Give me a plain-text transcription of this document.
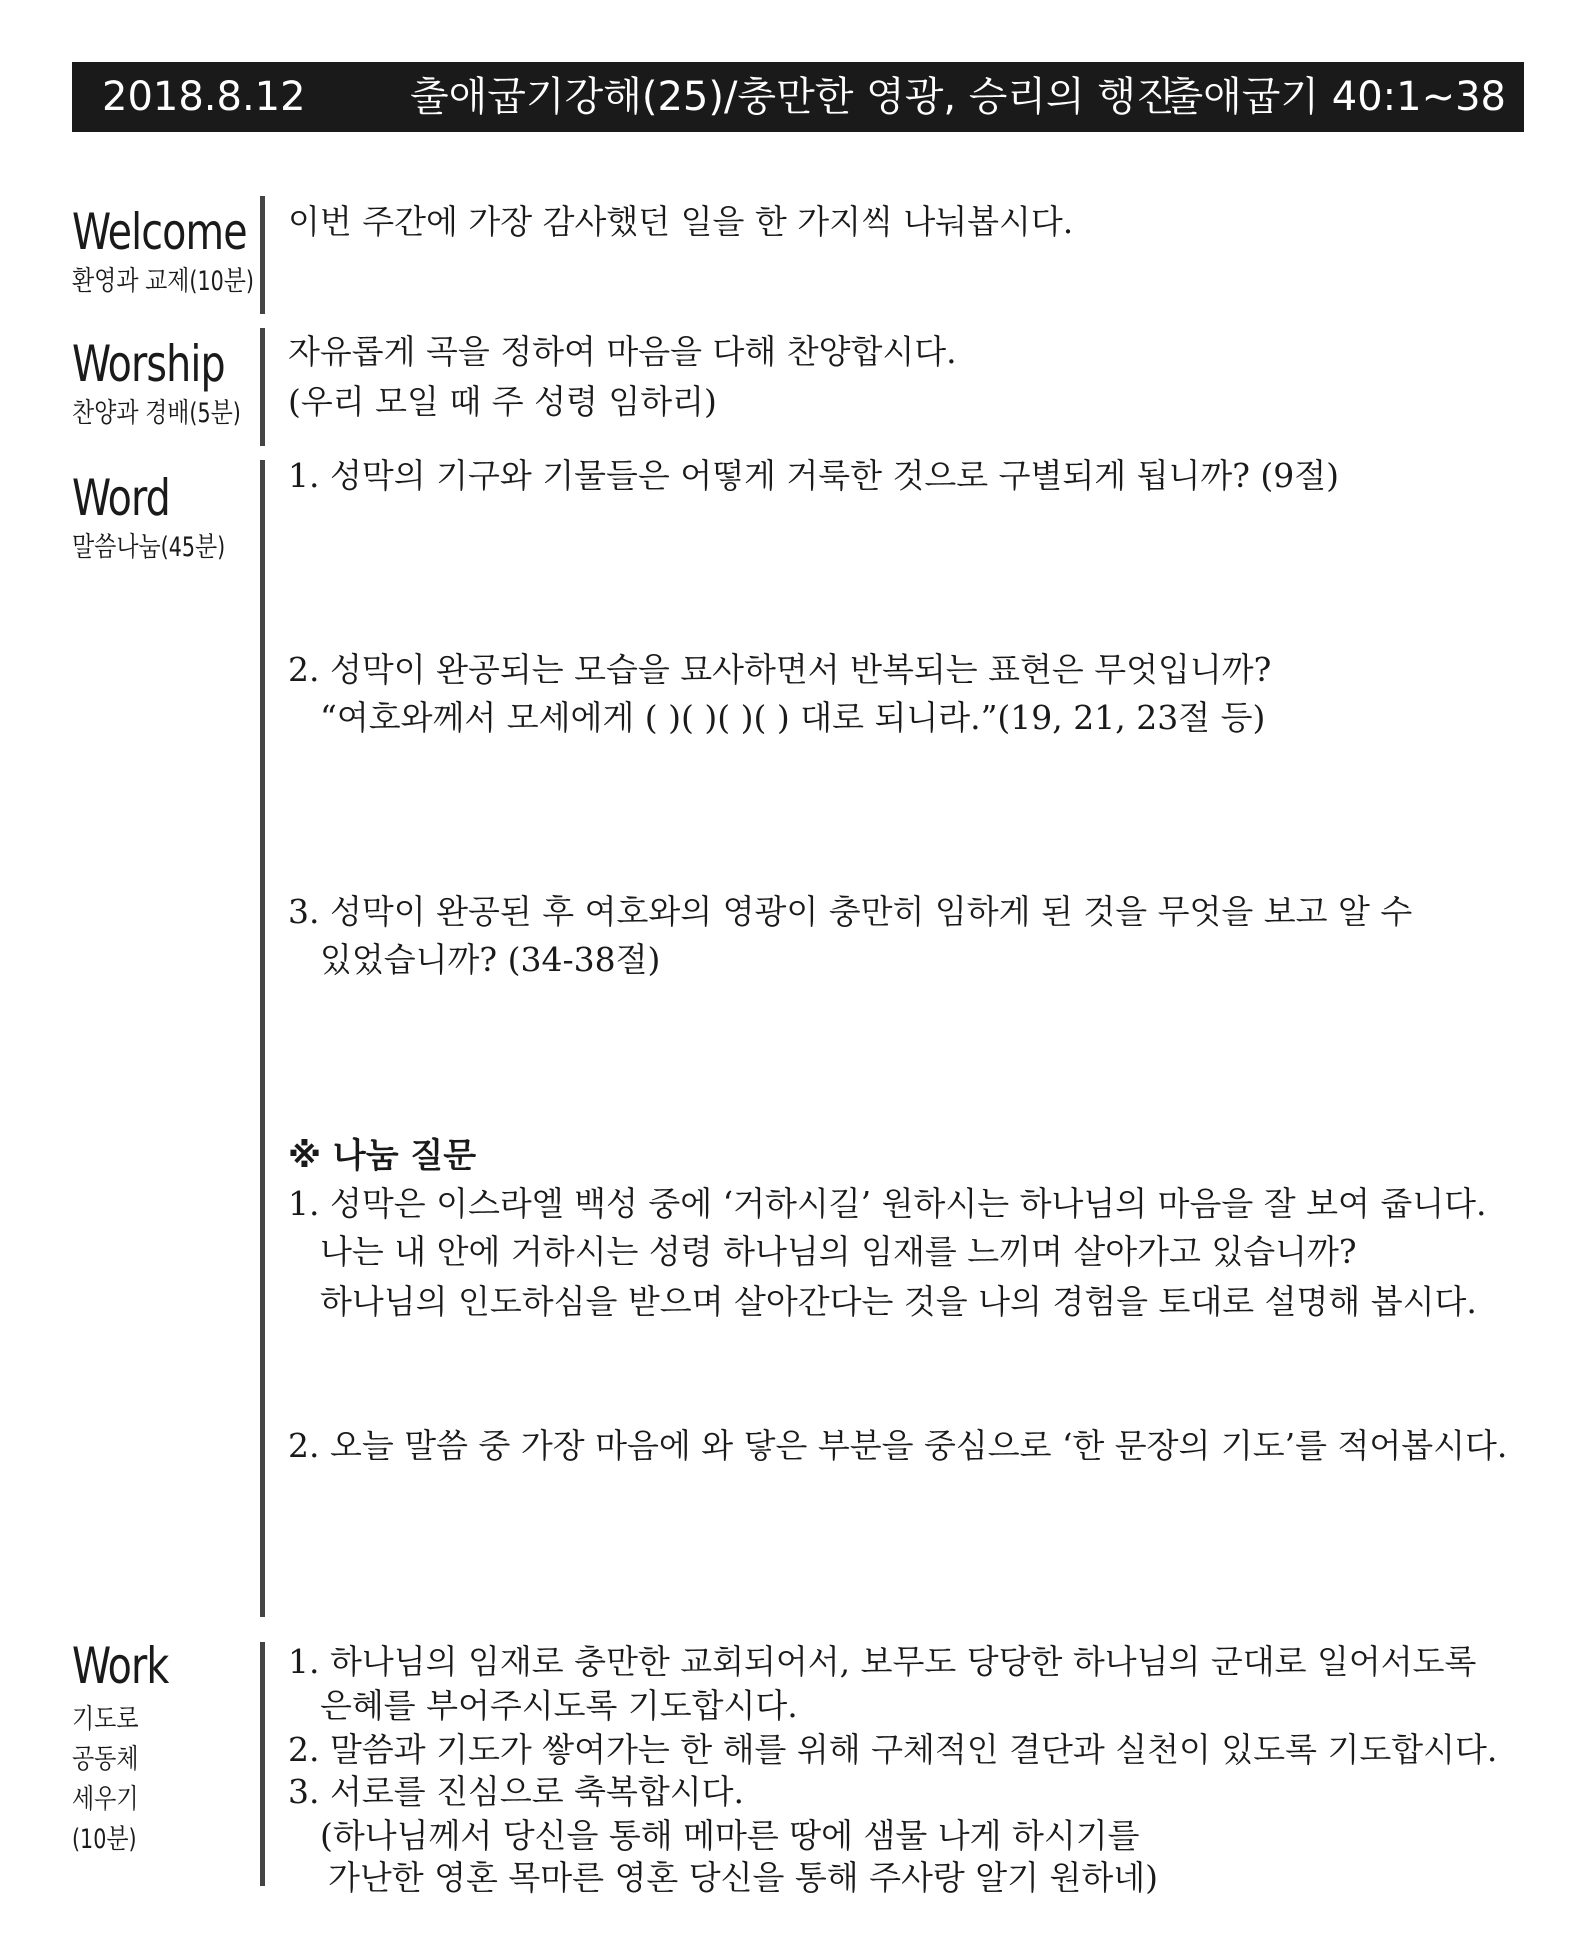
2018.8.12	출애굽기강해(25)/충만한 영광, 승리의 행진
출애굽기 40:1~38
Welcome
환영과 교제(10분)
이번 주간에 가장 감사했던 일을 한 가지씩 나눠봅시다.
Worship
찬양과 경배(5분)
자유롭게 곡을 정하여 마음을 다해 찬양합시다.
(우리 모일 때 주 성령 임하리)
Word
말씀나눔(45분)
1. 성막의 기구와 기물들은 어떻게 거룩한 것으로 구별되게 됩니까? (9절)
2. 성막이 완공되는 모습을 묘사하면서 반복되는 표현은 무엇입니까?
“여호와께서 모세에게 ( )( )( )( ) 대로 되니라.”(19, 21, 23절 등)
3. 성막이 완공된 후 여호와의 영광이 충만히 임하게 된 것을 무엇을 보고 알 수
있었습니까? (34-38절)
※ 나눔 질문
1. 성막은 이스라엘 백성 중에 ‘거하시길’ 원하시는 하나님의 마음을 잘 보여 줍니다.
나는 내 안에 거하시는 성령 하나님의 임재를 느끼며 살아가고 있습니까?
하나님의 인도하심을 받으며 살아간다는 것을 나의 경험을 토대로 설명해 봅시다.
2. 오늘 말씀 중 가장 마음에 와 닿은 부분을 중심으로 ‘한 문장의 기도’를 적어봅시다.
Work
기도로
공동체
세우기
(10분)
1. 하나님의 임재로 충만한 교회되어서, 보무도 당당한 하나님의 군대로 일어서도록
은혜를 부어주시도록 기도합시다.
2. 말씀과 기도가 쌓여가는 한 해를 위해 구체적인 결단과 실천이 있도록 기도합시다.
3. 서로를 진심으로 축복합시다.
(하나님께서 당신을 통해 메마른 땅에 샘물 나게 하시기를
가난한 영혼 목마른 영혼 당신을 통해 주사랑 알기 원하네)
